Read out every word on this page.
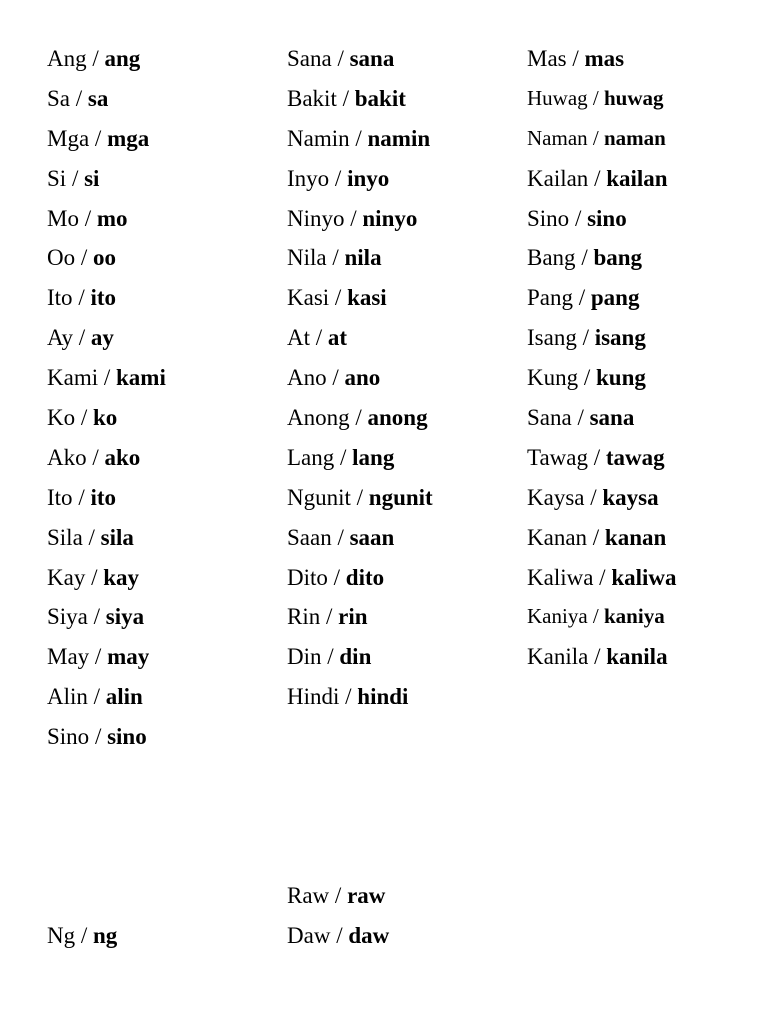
Ang / ang
Sa / sa
Mga / mga
Si / si
Mo / mo
Oo / oo
Ito / ito
Ay / ay
Kami / kami
Ko / ko
Ako / ako
Ito / ito
Sila / sila
Kay / kay
Siya / siya
May / may
Alin / alin
Sino / sino
Sana / sana
Bakit / bakit
Namin / namin
Inyo / inyo
Ninyo / ninyo
Nila / nila
Kasi / kasi
At / at
Ano / ano
Anong / anong
Lang / lang
Ngunit / ngunit
Saan / saan
Dito / dito
Rin / rin
Din / din
Hindi / hindi
Mas / mas
Huwag / huwag
Naman / naman
Kailan / kailan
Sino / sino
Bang / bang
Pang / pang
Isang / isang
Kung / kung
Sana / sana
Tawag / tawag
Kaysa / kaysa
Kanan / kanan
Kaliwa / kaliwa
Kaniya / kaniya
Kanila / kanila
Raw / raw
Ng / ng	Daw / daw
